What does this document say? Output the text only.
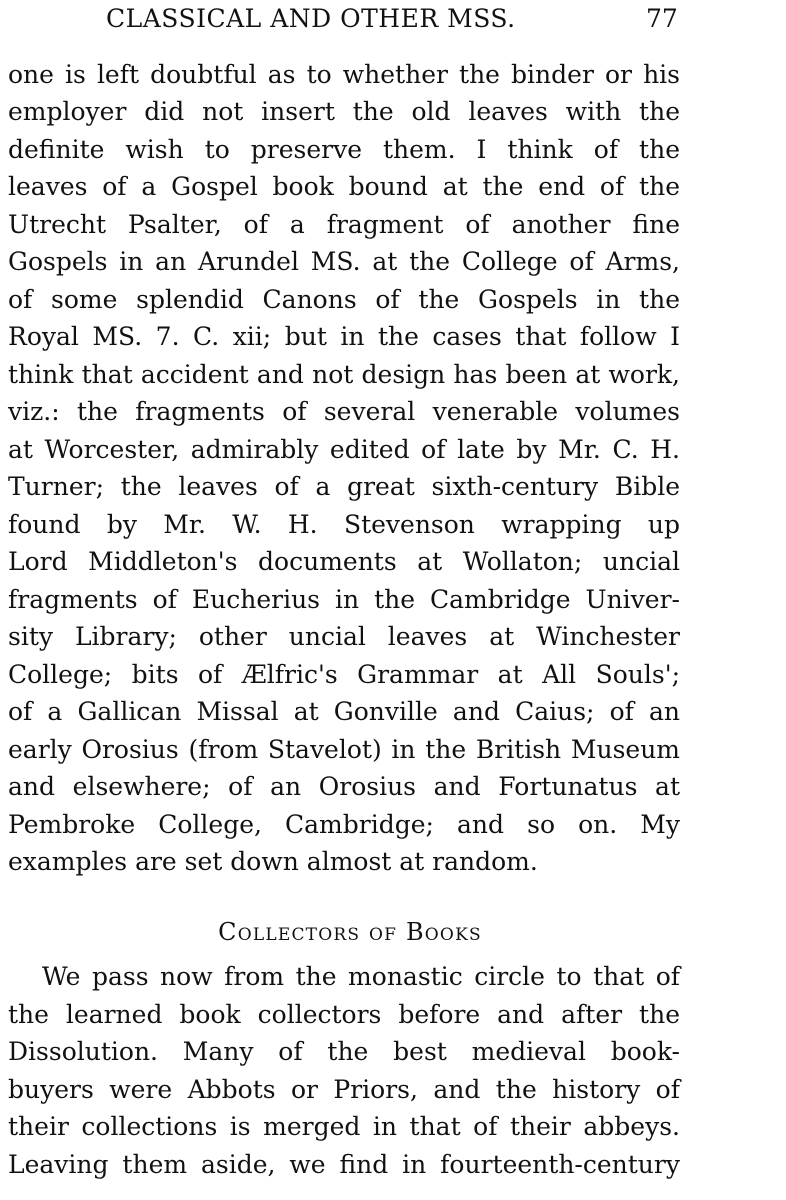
CLASSICAL AND OTHER MSS.	77
one is left doubtful as to whether the binder or his
employer did not insert the old leaves with the
definite wish to preserve them. I think of the
leaves of a Gospel book bound at the end of the
Utrecht Psalter, of a fragment of another fine
Gospels in an Arundel MS. at the College of Arms,
of some splendid Canons of the Gospels in the
Royal MS. 7. C. xii; but in the cases that follow I
think that accident and not design has been at work,
viz.: the fragments of several venerable volumes
at Worcester, admirably edited of late by Mr. C. H.
Turner; the leaves of a great sixth-century Bible
found by Mr. W. H. Stevenson wrapping up
Lord Middleton's documents at Wollaton; uncial
fragments of Eucherius in the Cambridge Univer-
sity Library; other uncial leaves at Winchester
College; bits of Ælfric's Grammar at All Souls';
of a Gallican Missal at Gonville and Caius; of an
early Orosius (from Stavelot) in the British Museum
and elsewhere; of an Orosius and Fortunatus at
Pembroke College, Cambridge; and so on. My
examples are set down almost at random.
Collectors of Books
We pass now from the monastic circle to that of
the learned book collectors before and after the
Dissolution. Many of the best medieval book-
buyers were Abbots or Priors, and the history of
their collections is merged in that of their abbeys.
Leaving them aside, we find in fourteenth-century
